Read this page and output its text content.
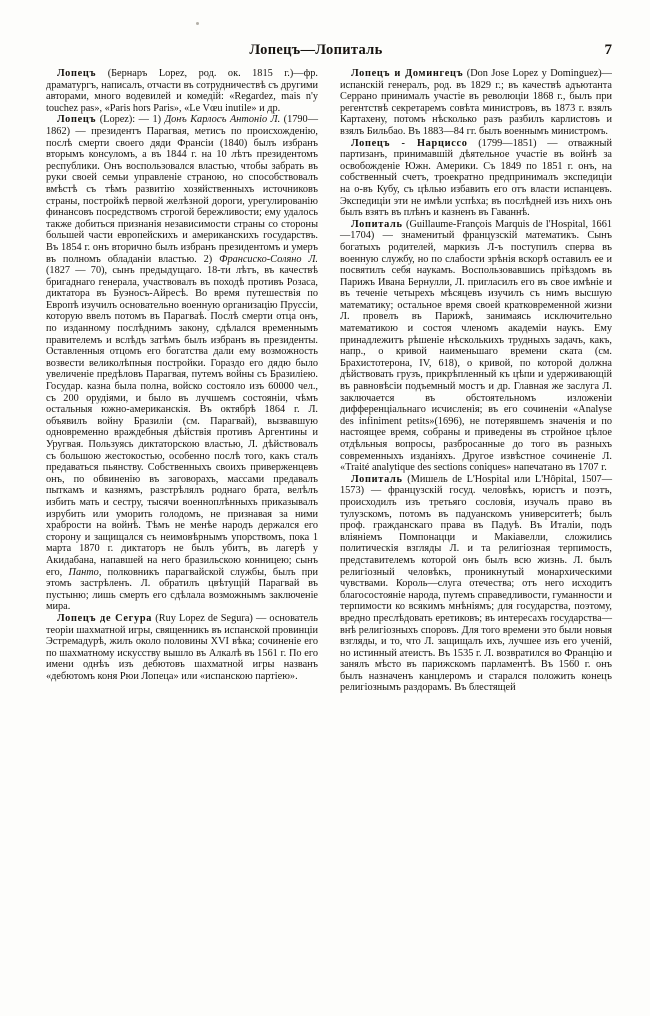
Лопецъ—Лопиталь	7

Лопецъ (Бернаръ Lopez, род. ок. 1815 г.)—фр. драматургъ, написалъ, отчасти въ сотрудничествѣ съ другими авторами, много водевилей и комедій: «Regardez, mais n'y touchez pas», «Paris hors Paris», «Le Vœu inutile» и др.

Лопецъ (Lopez): — 1) Донъ Карлосъ Антоніо Л. (1790—1862) — президентъ Парагвая, метисъ по происхожденію, послѣ смерти своего дяди Франсіи (1840) былъ избранъ вторымъ консуломъ, а въ 1844 г. на 10 лѣтъ президентомъ республики. Онъ воспользовался властью, чтобы забрать въ руки своей семьи управленіе страною, но способствовалъ вмѣстѣ съ тѣмъ развитію хозяйственныхъ источниковъ страны, постройкѣ первой желѣзной дороги, урегулированію финансовъ посредствомъ строгой бережливости; ему удалось также добиться признанія независимости страны со стороны большей части европейскихъ и американскихъ государствъ. Въ 1854 г. онъ вторично былъ избранъ президентомъ и умеръ въ полномъ обладаніи властью. 2) Франсиско-Соляно Л. (1827 — 70), сынъ предыдущаго. 18-ти лѣтъ, въ качествѣ бригаднаго генерала, участвовалъ въ походѣ противъ Розаса, диктатора въ Буэносъ-Айресѣ. Во время путешествія по Европѣ изучилъ основательно военную организацію Пруссіи, которую ввелъ потомъ въ Парагваѣ. Послѣ смерти отца онъ, по изданному послѣднимъ закону, сдѣлался временнымъ правителемъ и вслѣдъ затѣмъ былъ избранъ въ президенты. Оставленныя отцомъ его богатства дали ему возможность возвести великолѣпныя постройки. Гораздо его дядю было увеличеніе предѣловъ Парагвая, путемъ войны съ Бразиліею. Государ. казна была полна, войско состояло изъ 60000 чел., съ 200 орудіями, и было въ лучшемъ состояніи, чѣмъ остальныя южно-американскія. Въ октябрѣ 1864 г. Л. объявилъ войну Бразиліи (см. Парагвай), вызвавшую одновременно враждебныя дѣйствія противъ Аргентины и Уругвая. Пользуясь диктаторскою властью, Л. дѣйствовалъ съ большою жестокостью, особенно послѣ того, какъ сталъ предаваться пьянству. Собственныхъ своихъ приверженцевъ онъ, по обвиненію въ заговорахъ, массами предавалъ пыткамъ и казнямъ, разстрѣлялъ роднаго брата, велѣлъ избить мать и сестру, тысячи военноплѣнныхъ приказывалъ изрубить или уморить голодомъ, не признавая за ними храбрости на войнѣ. Тѣмъ не менѣе народъ держался его сторону и защищался съ неимовѣрнымъ упорствомъ, пока 1 марта 1870 г. диктаторъ не былъ убитъ, въ лагерѣ у Акидабана, напавшей на него бразильскою конницею; сынъ его, Панто, полковникъ парагвайской службы, былъ при этомъ застрѣленъ. Л. обратилъ цвѣтущій Парагвай въ пустыню; лишь смерть его сдѣлала возможнымъ заключеніе мира.

Лопецъ де Сегура (Ruy Lopez de Segura) — основатель теоріи шахматной игры, священникъ въ испанской провинціи Эстремадурѣ, жилъ около половины XVI вѣка; сочиненіе его по шахматному искусству вышло въ Алкалѣ въ 1561 г. По его имени однѣъ изъ дебютовъ шахматной игры названъ «дебютомъ коня Рюи Лопеца» или «испанскою партіею».

Лопецъ и Домингецъ (Don Jose Lopez y Dominguez)—испанскій генералъ, род. въ 1829 г.; въ качествѣ адъютанта Серрано принималъ участіе въ революціи 1868 г., былъ при регентствѣ секретаремъ совѣта министровъ, въ 1873 г. взялъ Картахену, потомъ нѣсколько разъ разбилъ карлистовъ и взялъ Бильбао. Въ 1883—84 гг. былъ военнымъ министромъ.

Лопецъ - Нарцисcо (1799—1851) — отважный партизанъ, принимавшій дѣятельное участіе въ войнѣ за освобожденіе Южн. Америки. Съ 1849 по 1851 г. онъ, на собственный счетъ, троекратно предпринималъ экспедиціи на о-въ Кубу, съ цѣлью избавить его отъ власти испанцевъ. Экспедиціи эти не имѣли успѣха; въ послѣдней изъ нихъ онъ былъ взятъ въ плѣнъ и казненъ въ Гаваннѣ.

Лопиталь (Guillaume-François Marquis de l'Hospital, 1661—1704) — знаменитый французскій математикъ. Сынъ богатыхъ родителей, маркизъ Л-ъ поступилъ сперва въ военную службу, но по слабости зрѣнія вскорѣ оставилъ ее и посвятилъ себя наукамъ. Воспользовавшись пріѣздомъ въ Парижъ Ивана Бернулли, Л. пригласилъ его въ свое имѣніе и въ теченіе четырехъ мѣсяцевъ изучилъ съ нимъ высшую математику; остальное время своей кратковременной жизни Л. провелъ въ Парижѣ, занимаясь исключительно математикою и состоя членомъ академіи наукъ. Ему принадлежитъ рѣшеніе нѣсколькихъ трудныхъ задачъ, какъ, напр., о кривой наименьшаго времени ската (см. Брахистотерона, IV, 618), о кривой, по которой должна дѣйствовать грузъ, прикрѣпленный къ цѣпи и удерживающій въ равновѣсіи подъемный мостъ и др. Главная же заслуга Л. заключается въ обстоятельномъ изложеніи дифференціальнаго исчисленія; въ его сочиненіи «Analyse des infiniment petits»(1696), не потерявшемъ значенія и по настоящее время, собраны и приведены въ стройное цѣлое отдѣльныя вопросы, разбросанные до того въ разныхъ современныхъ изданіяхъ. Другое извѣстное сочиненіе Л. «Traité analytique des sections coniques» напечатано въ 1707 г.

Лопиталь (Мишель de L'Hospital или L'Hôpital, 1507—1573) — французскій госуд. человѣкъ, юристъ и поэтъ, происходилъ изъ третьяго сословія, изучалъ право въ тулузскомъ, потомъ въ падуанскомъ университетѣ; былъ проф. гражданскаго права въ Падуѣ. Въ Италіи, подъ вліяніемъ Помпонацци и Макіавелли, сложились политическія взгляды Л. и та религіозная терпимость, представителемъ которой онъ былъ всю жизнь. Л. былъ религіозный человѣкъ, проникнутый монархическими чувствами. Король—слуга отечества; отъ него исходитъ благосостояніе народа, путемъ справедливости, гуманности и терпимости ко всякимъ мнѣніямъ; для государства, поэтому, вредно преслѣдовать еретиковъ; въ интересахъ государства—внѣ религіозныхъ споровъ. Для того времени это были новыя взгляды, и то, что Л. защищалъ ихъ, лучшее изъ его ученій, но истинный атеистъ. Въ 1535 г. Л. возвратился во Францію и занялъ мѣсто въ парижскомъ парламентѣ. Въ 1560 г. онъ былъ назначенъ канцлеромъ и старался положить конецъ религіознымъ раздорамъ. Въ блестящей
